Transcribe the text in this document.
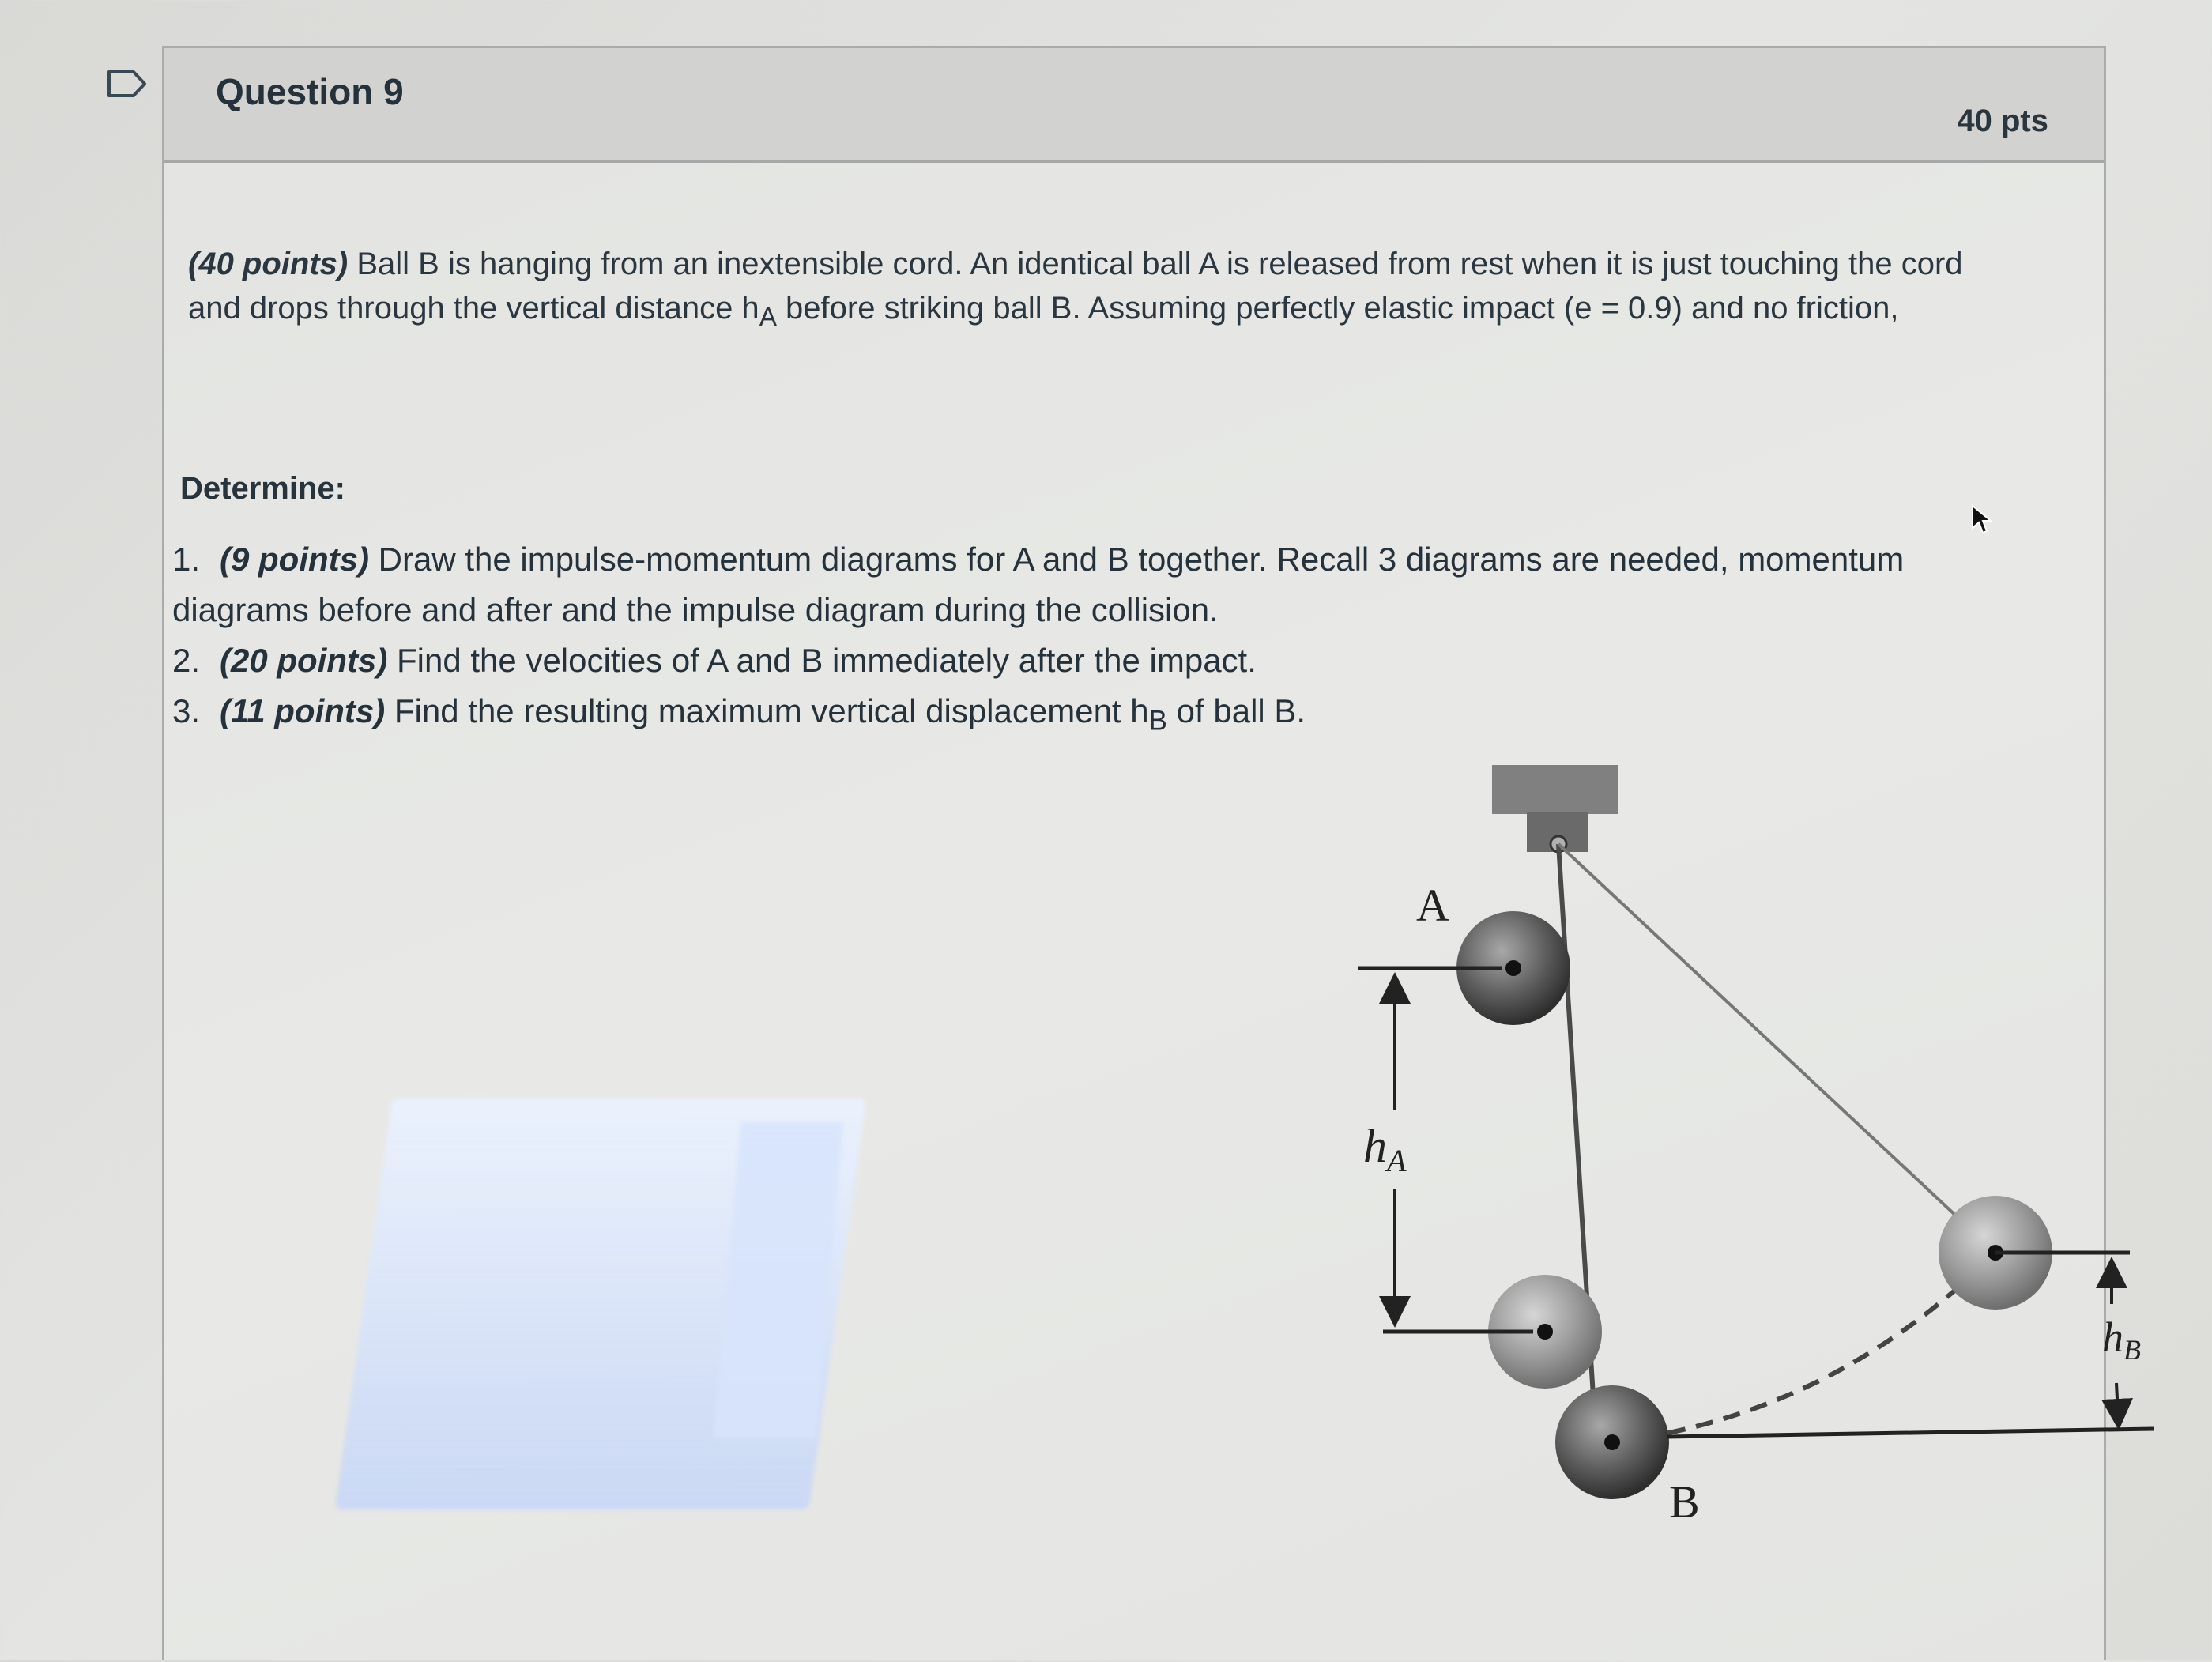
Question 9
40 pts
(40 points) Ball B is hanging from an inextensible cord. An identical ball A is released from rest when it is just touching the cord and drops through the vertical distance $h_A$ before striking ball B. Assuming perfectly elastic impact (e = 0.9) and no friction,
Determine:
1. (9 points) Draw the impulse-momentum diagrams for A and B together. Recall 3 diagrams are needed, momentum diagrams before and after and the impulse diagram during the collision.
2. (20 points) Find the velocities of A and B immediately after the impact.
3. (11 points) Find the resulting maximum vertical displacement $h_B$ of ball B.
$h_A$
hB
A
B
